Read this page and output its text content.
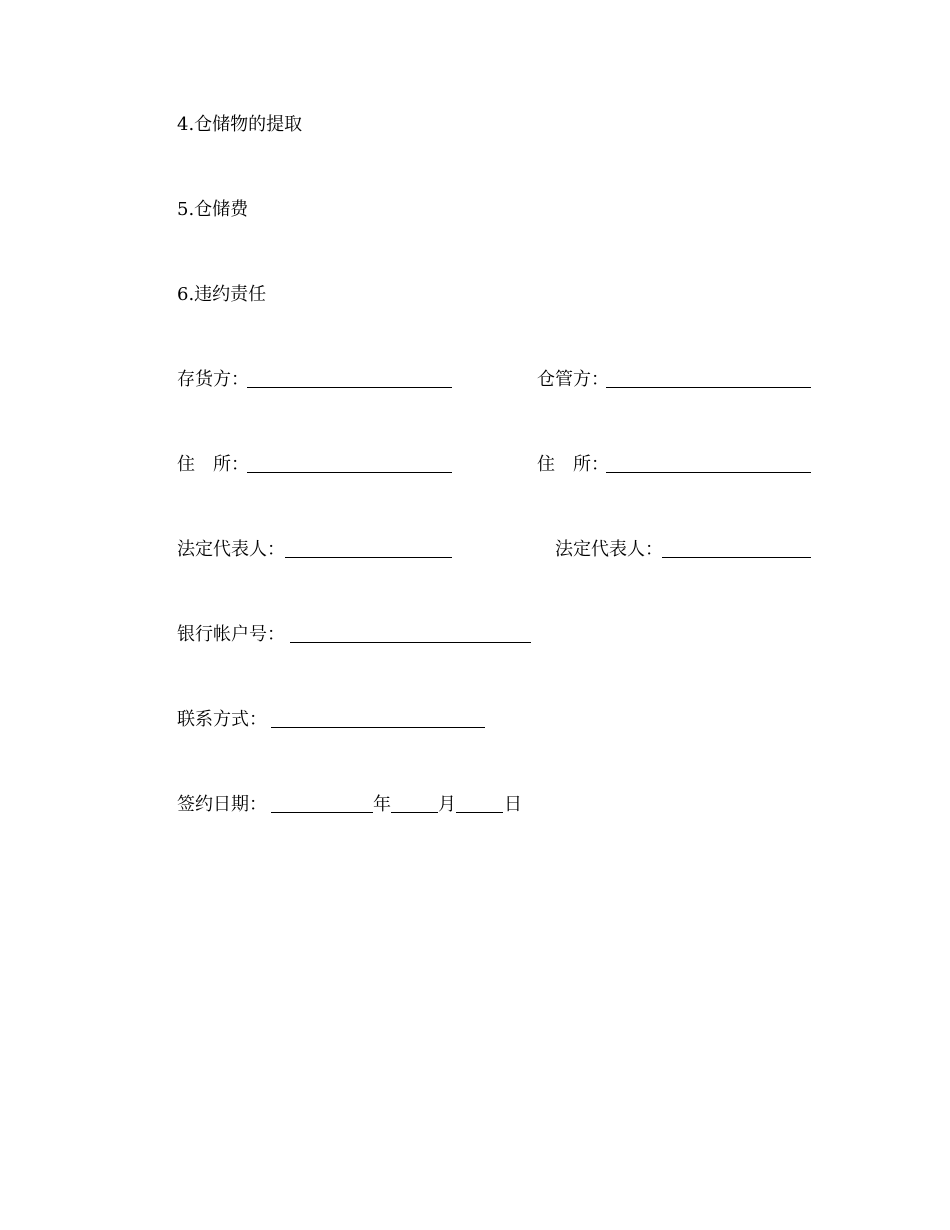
4.仓储物的提取
5.仓储费
6.违约责任
存货方：	仓管方：
住　所：	住　所：
法定代表人：	法定代表人：
银行帐户号：
联系方式：
签约日期：	年	月	日
